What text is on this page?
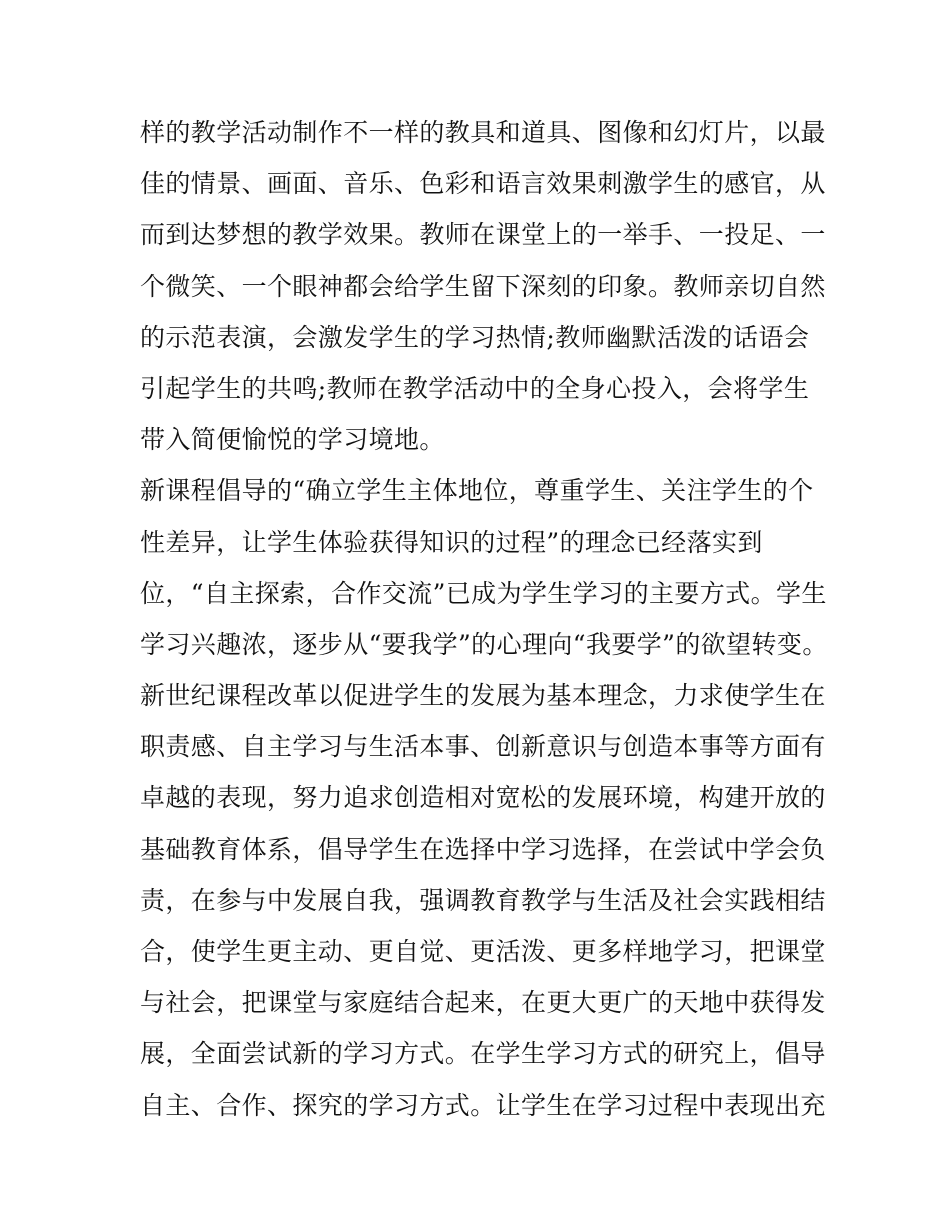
样的教学活动制作不一样的教具和道具、图像和幻灯片，以最
佳的情景、画面、音乐、色彩和语言效果刺激学生的感官，从
而到达梦想的教学效果。教师在课堂上的一举手、一投足、一
个微笑、一个眼神都会给学生留下深刻的印象。教师亲切自然
的示范表演，会激发学生的学习热情;教师幽默活泼的话语会
引起学生的共鸣;教师在教学活动中的全身心投入，会将学生
带入简便愉悦的学习境地。
新课程倡导的“确立学生主体地位，尊重学生、关注学生的个
性差异，让学生体验获得知识的过程”的理念已经落实到
位，“自主探索，合作交流”已成为学生学习的主要方式。学生
学习兴趣浓，逐步从“要我学”的心理向“我要学”的欲望转变。
新世纪课程改革以促进学生的发展为基本理念，力求使学生在
职责感、自主学习与生活本事、创新意识与创造本事等方面有
卓越的表现，努力追求创造相对宽松的发展环境，构建开放的
基础教育体系，倡导学生在选择中学习选择，在尝试中学会负
责，在参与中发展自我，强调教育教学与生活及社会实践相结
合，使学生更主动、更自觉、更活泼、更多样地学习，把课堂
与社会，把课堂与家庭结合起来，在更大更广的天地中获得发
展，全面尝试新的学习方式。在学生学习方式的研究上，倡导
自主、合作、探究的学习方式。让学生在学习过程中表现出充
